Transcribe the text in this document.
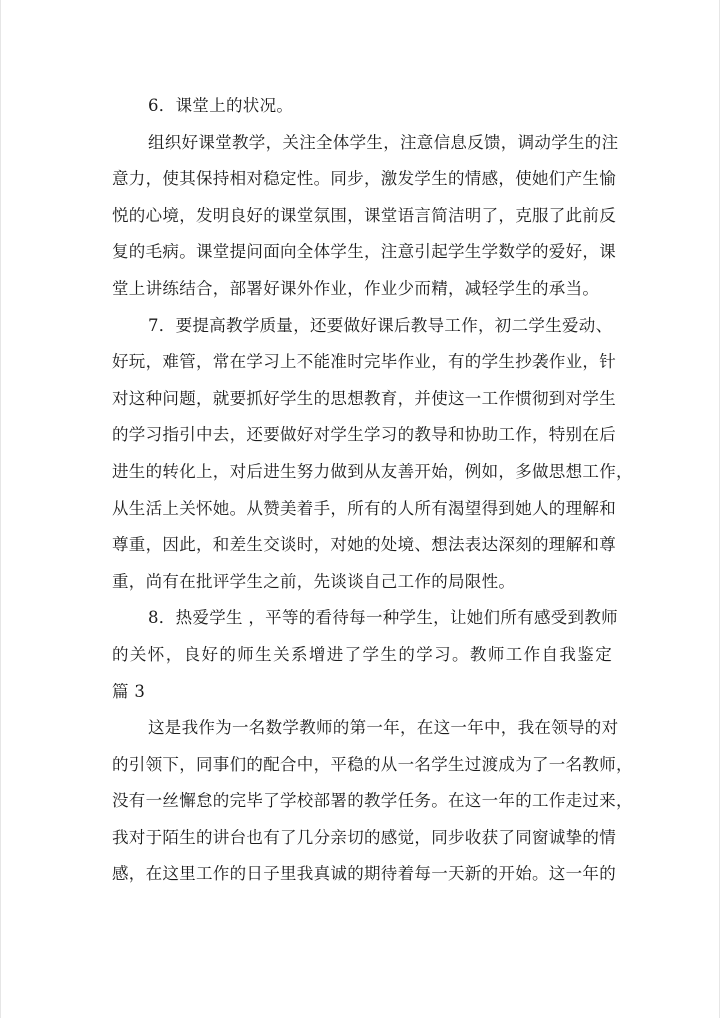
6．课堂上的状况。
组织好课堂教学，关注全体学生，注意信息反馈，调动学生的注
意力，使其保持相对稳定性。同步，激发学生的情感，使她们产生愉
悦的心境，发明良好的课堂氛围，课堂语言简洁明了，克服了此前反
复的毛病。课堂提问面向全体学生，注意引起学生学数学的爱好，课
堂上讲练结合，部署好课外作业，作业少而精，减轻学生的承当。
7．要提高教学质量，还要做好课后教导工作，初二学生爱动、
好玩，难管，常在学习上不能准时完毕作业，有的学生抄袭作业，针
对这种问题，就要抓好学生的思想教育，并使这一工作惯彻到对学生
的学习指引中去，还要做好对学生学习的教导和协助工作，特别在后
进生的转化上，对后进生努力做到从友善开始，例如，多做思想工作，
从生活上关怀她。从赞美着手，所有的人所有渴望得到她人的理解和
尊重，因此，和差生交谈时，对她的处境、想法表达深刻的理解和尊
重，尚有在批评学生之前，先谈谈自己工作的局限性。
8．热爱学生 ，平等的看待每一种学生，让她们所有感受到教师
的关怀，良好的师生关系增进了学生的学习。教师工作自我鉴定
篇 3
这是我作为一名数学教师的第一年，在这一年中，我在领导的对
的引领下，同事们的配合中，平稳的从一名学生过渡成为了一名教师，
没有一丝懈怠的完毕了学校部署的教学任务。在这一年的工作走过来，
我对于陌生的讲台也有了几分亲切的感觉，同步收获了同窗诚挚的情
感，在这里工作的日子里我真诚的期待着每一天新的开始。这一年的
